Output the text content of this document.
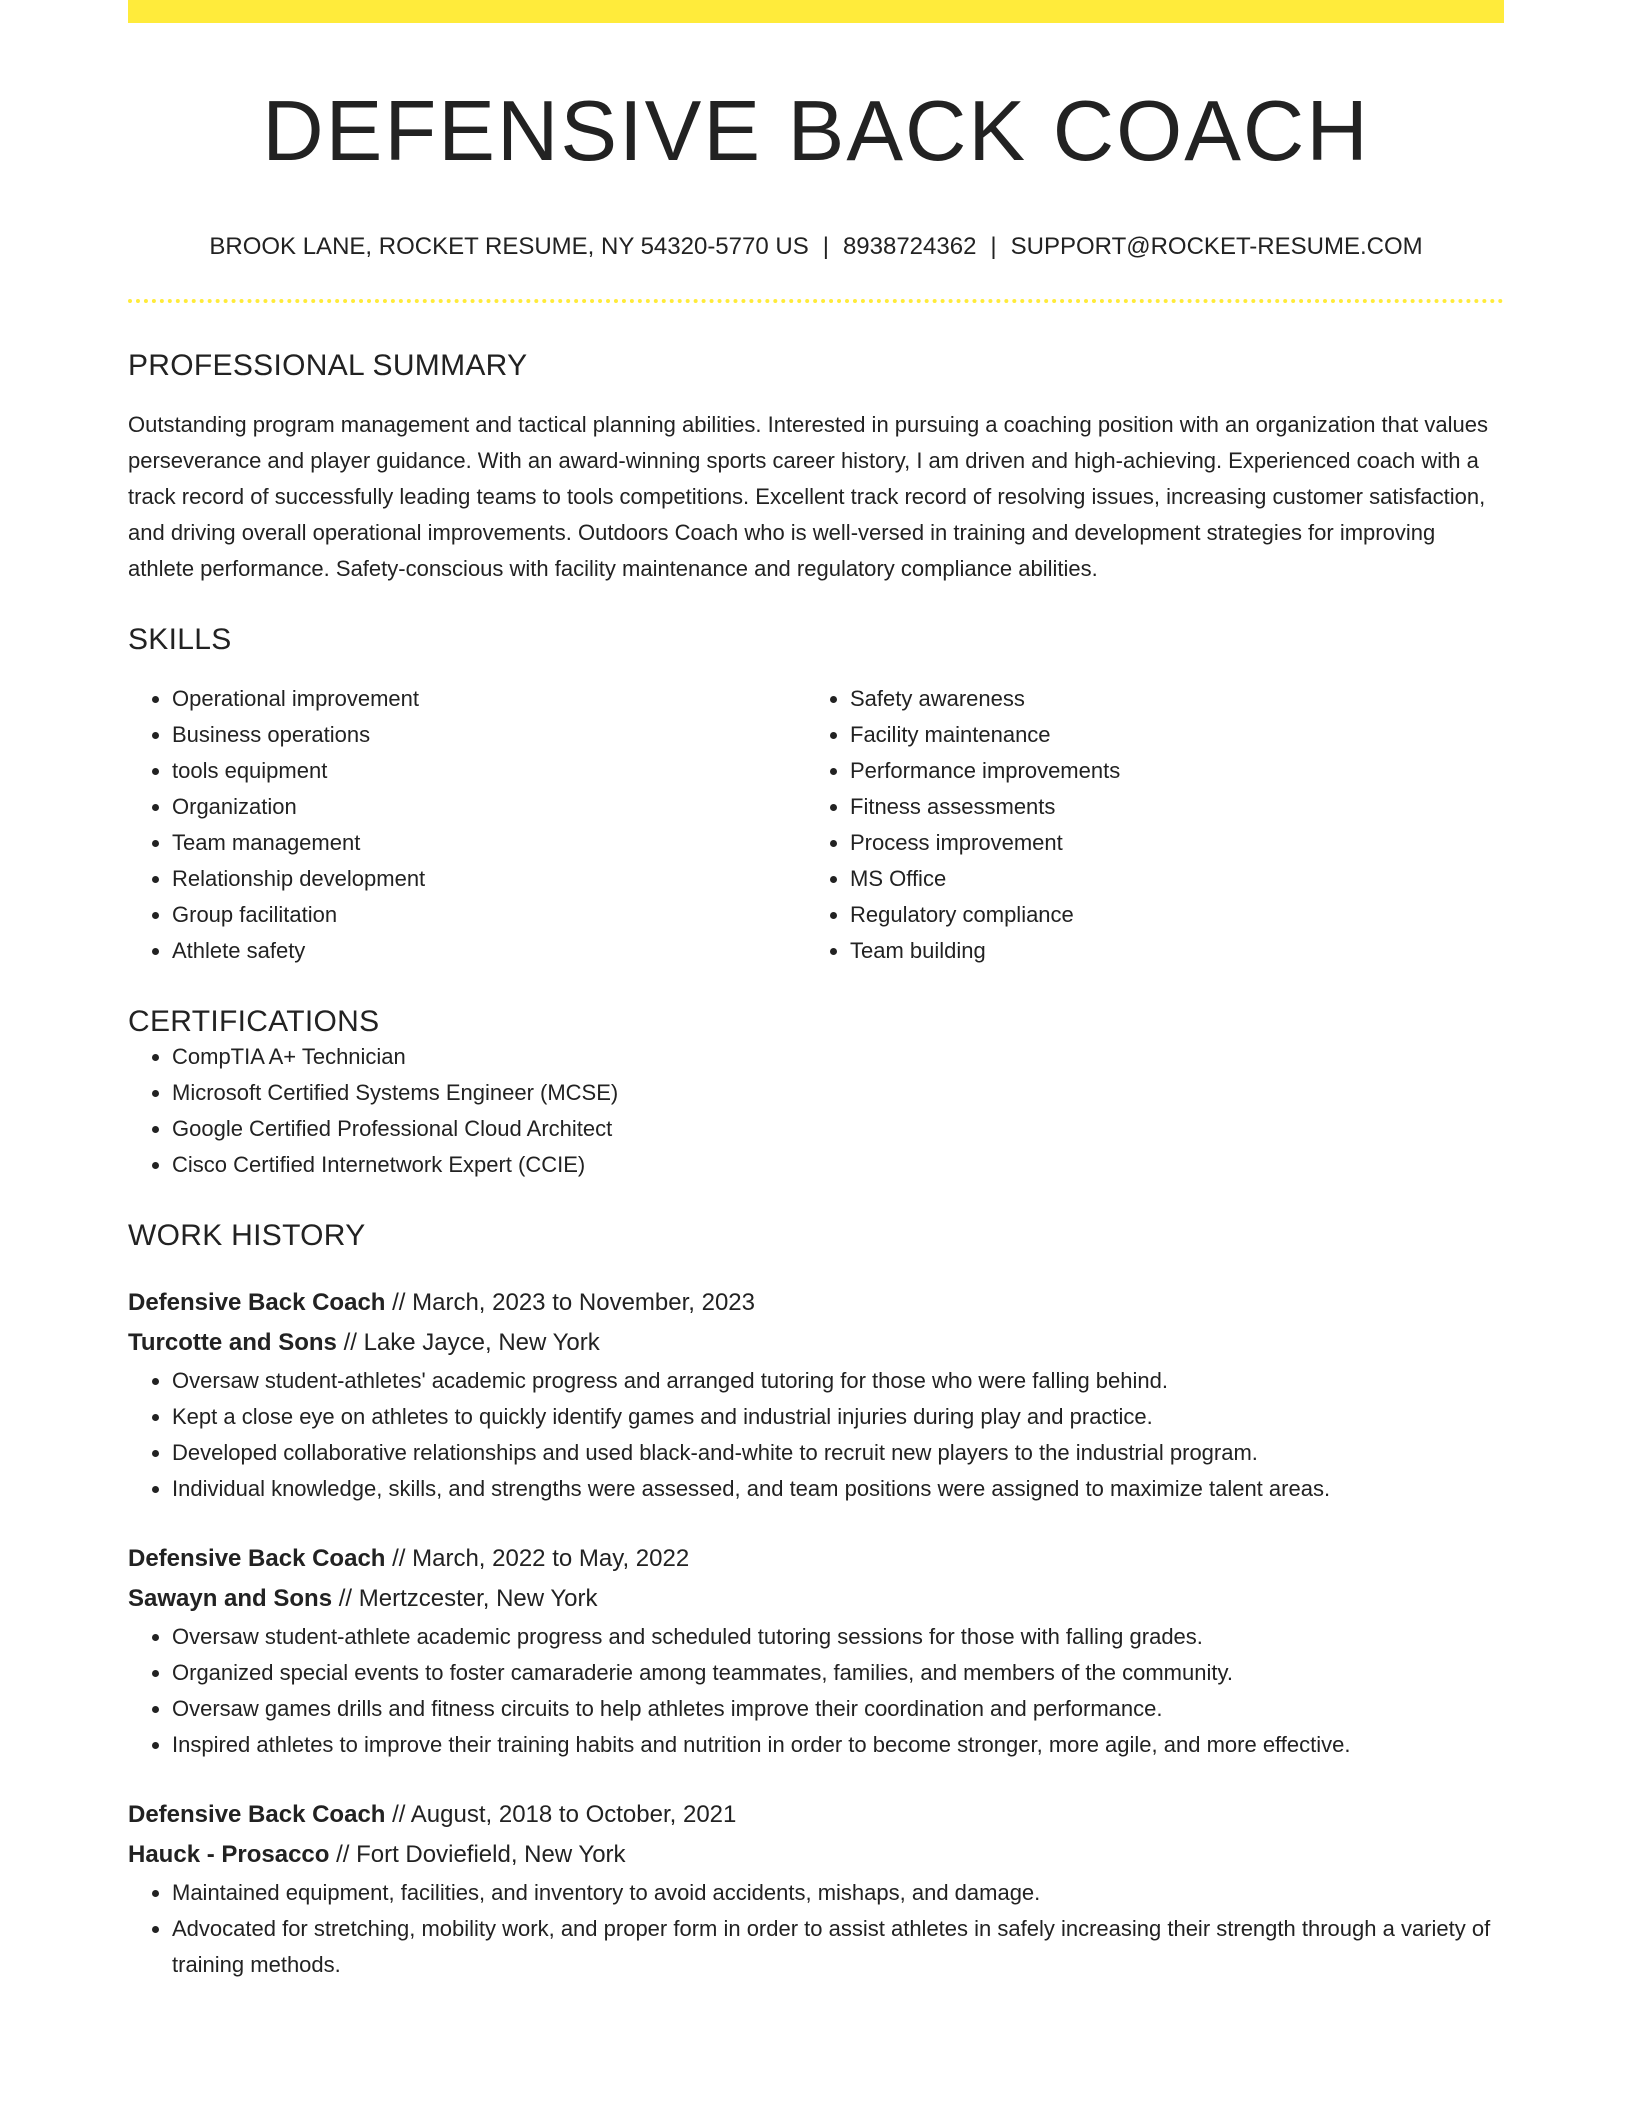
DEFENSIVE BACK COACH
BROOK LANE, ROCKET RESUME, NY 54320-5770 US | 8938724362 | SUPPORT@ROCKET-RESUME.COM
PROFESSIONAL SUMMARY

Outstanding program management and tactical planning abilities. Interested in pursuing a coaching position with an organization that values perseverance and player guidance. With an award-winning sports career history, I am driven and high-achieving. Experienced coach with a track record of successfully leading teams to tools competitions. Excellent track record of resolving issues, increasing customer satisfaction, and driving overall operational improvements. Outdoors Coach who is well-versed in training and development strategies for improving athlete performance. Safety-conscious with facility maintenance and regulatory compliance abilities.

SKILLS
• Operational improvement
• Business operations
• tools equipment
• Organization
• Team management
• Relationship development
• Group facilitation
• Athlete safety
• Safety awareness
• Facility maintenance
• Performance improvements
• Fitness assessments
• Process improvement
• MS Office
• Regulatory compliance
• Team building
CERTIFICATIONS
• CompTIA A+ Technician
• Microsoft Certified Systems Engineer (MCSE)
• Google Certified Professional Cloud Architect
• Cisco Certified Internetwork Expert (CCIE)
WORK HISTORY
Defensive Back Coach // March, 2023 to November, 2023
Turcotte and Sons // Lake Jayce, New York
• Oversaw student-athletes' academic progress and arranged tutoring for those who were falling behind.
• Kept a close eye on athletes to quickly identify games and industrial injuries during play and practice.
• Developed collaborative relationships and used black-and-white to recruit new players to the industrial program.
• Individual knowledge, skills, and strengths were assessed, and team positions were assigned to maximize talent areas.
Defensive Back Coach // March, 2022 to May, 2022
Sawayn and Sons // Mertzcester, New York
• Oversaw student-athlete academic progress and scheduled tutoring sessions for those with falling grades.
• Organized special events to foster camaraderie among teammates, families, and members of the community.
• Oversaw games drills and fitness circuits to help athletes improve their coordination and performance.
• Inspired athletes to improve their training habits and nutrition in order to become stronger, more agile, and more effective.
Defensive Back Coach // August, 2018 to October, 2021
Hauck - Prosacco // Fort Doviefield, New York
• Maintained equipment, facilities, and inventory to avoid accidents, mishaps, and damage.
• Advocated for stretching, mobility work, and proper form in order to assist athletes in safely increasing their strength through a variety of training methods.
